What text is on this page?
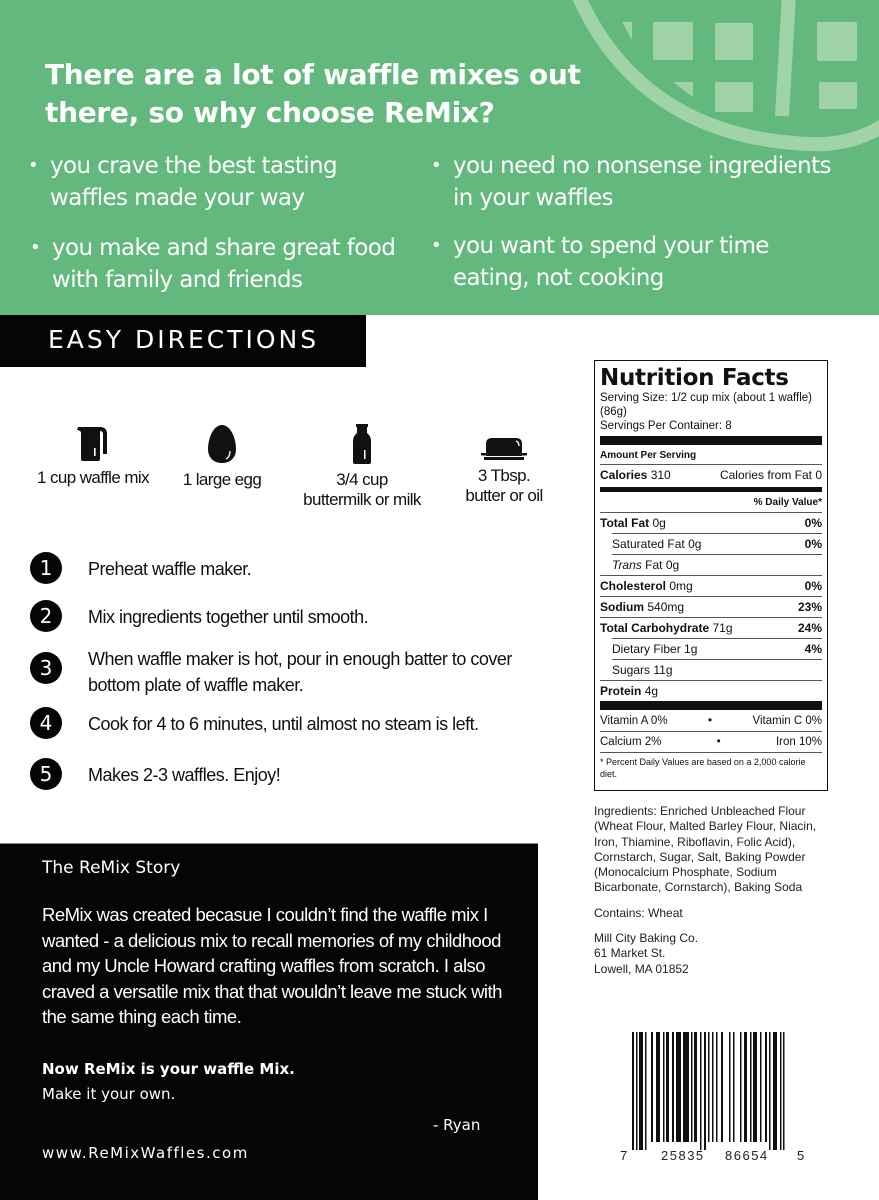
There are a lot of waffle mixes out there, so why choose ReMix?
• you crave the best tasting waffles made your way
• you need no nonsense ingredients in your waffles
• you make and share great food with family and friends
• you want to spend your time eating, not cooking
EASY DIRECTIONS
1 cup waffle mix	1 large egg	3/4 cup
buttermilk or milk
3 Tbsp.
butter or oil
1	Preheat waffle maker.
2	Mix ingredients together until smooth.
3	When waffle maker is hot, pour in enough batter to cover bottom plate of waffle maker.
4	Cook for 4 to 6 minutes, until almost no steam is left.
5	Makes 2-3 waffles. Enjoy!
The ReMix Story

ReMix was created becasue I couldn’t find the waffle mix I wanted - a delicious mix to recall memories of my childhood and my Uncle Howard crafting waffles from scratch. I also craved a versatile mix that that wouldn’t leave me stuck with the same thing each time.

Now ReMix is your waffle Mix.
Make it your own.
- Ryan
www.ReMixWaffles.com
Nutrition Facts
Serving Size: 1/2 cup mix (about 1 waffle) (86g)
Servings Per Container: 8
Amount Per Serving
Calories 310	Calories from Fat 0
% Daily Value*
Total Fat 0g	0%
Saturated Fat 0g	0%
Trans Fat 0g
Cholesterol 0mg	0%
Sodium 540mg	23%
Total Carbohydrate 71g	24%
Dietary Fiber 1g	4%
Sugars 11g
Protein 4g
Vitamin A 0%	•	Vitamin C 0%
Calcium 2%	•	Iron 10%
* Percent Daily Values are based on a 2,000 calorie diet.

Ingredients: Enriched Unbleached Flour (Wheat Flour, Malted Barley Flour, Niacin, Iron, Thiamine, Riboflavin, Folic Acid), Cornstarch, Sugar, Salt, Baking Powder (Monocalcium Phosphate, Sodium Bicarbonate, Cornstarch), Baking Soda

Contains: Wheat

Mill City Baking Co.
61 Market St.
Lowell, MA 01852
7 25835 86654 5
